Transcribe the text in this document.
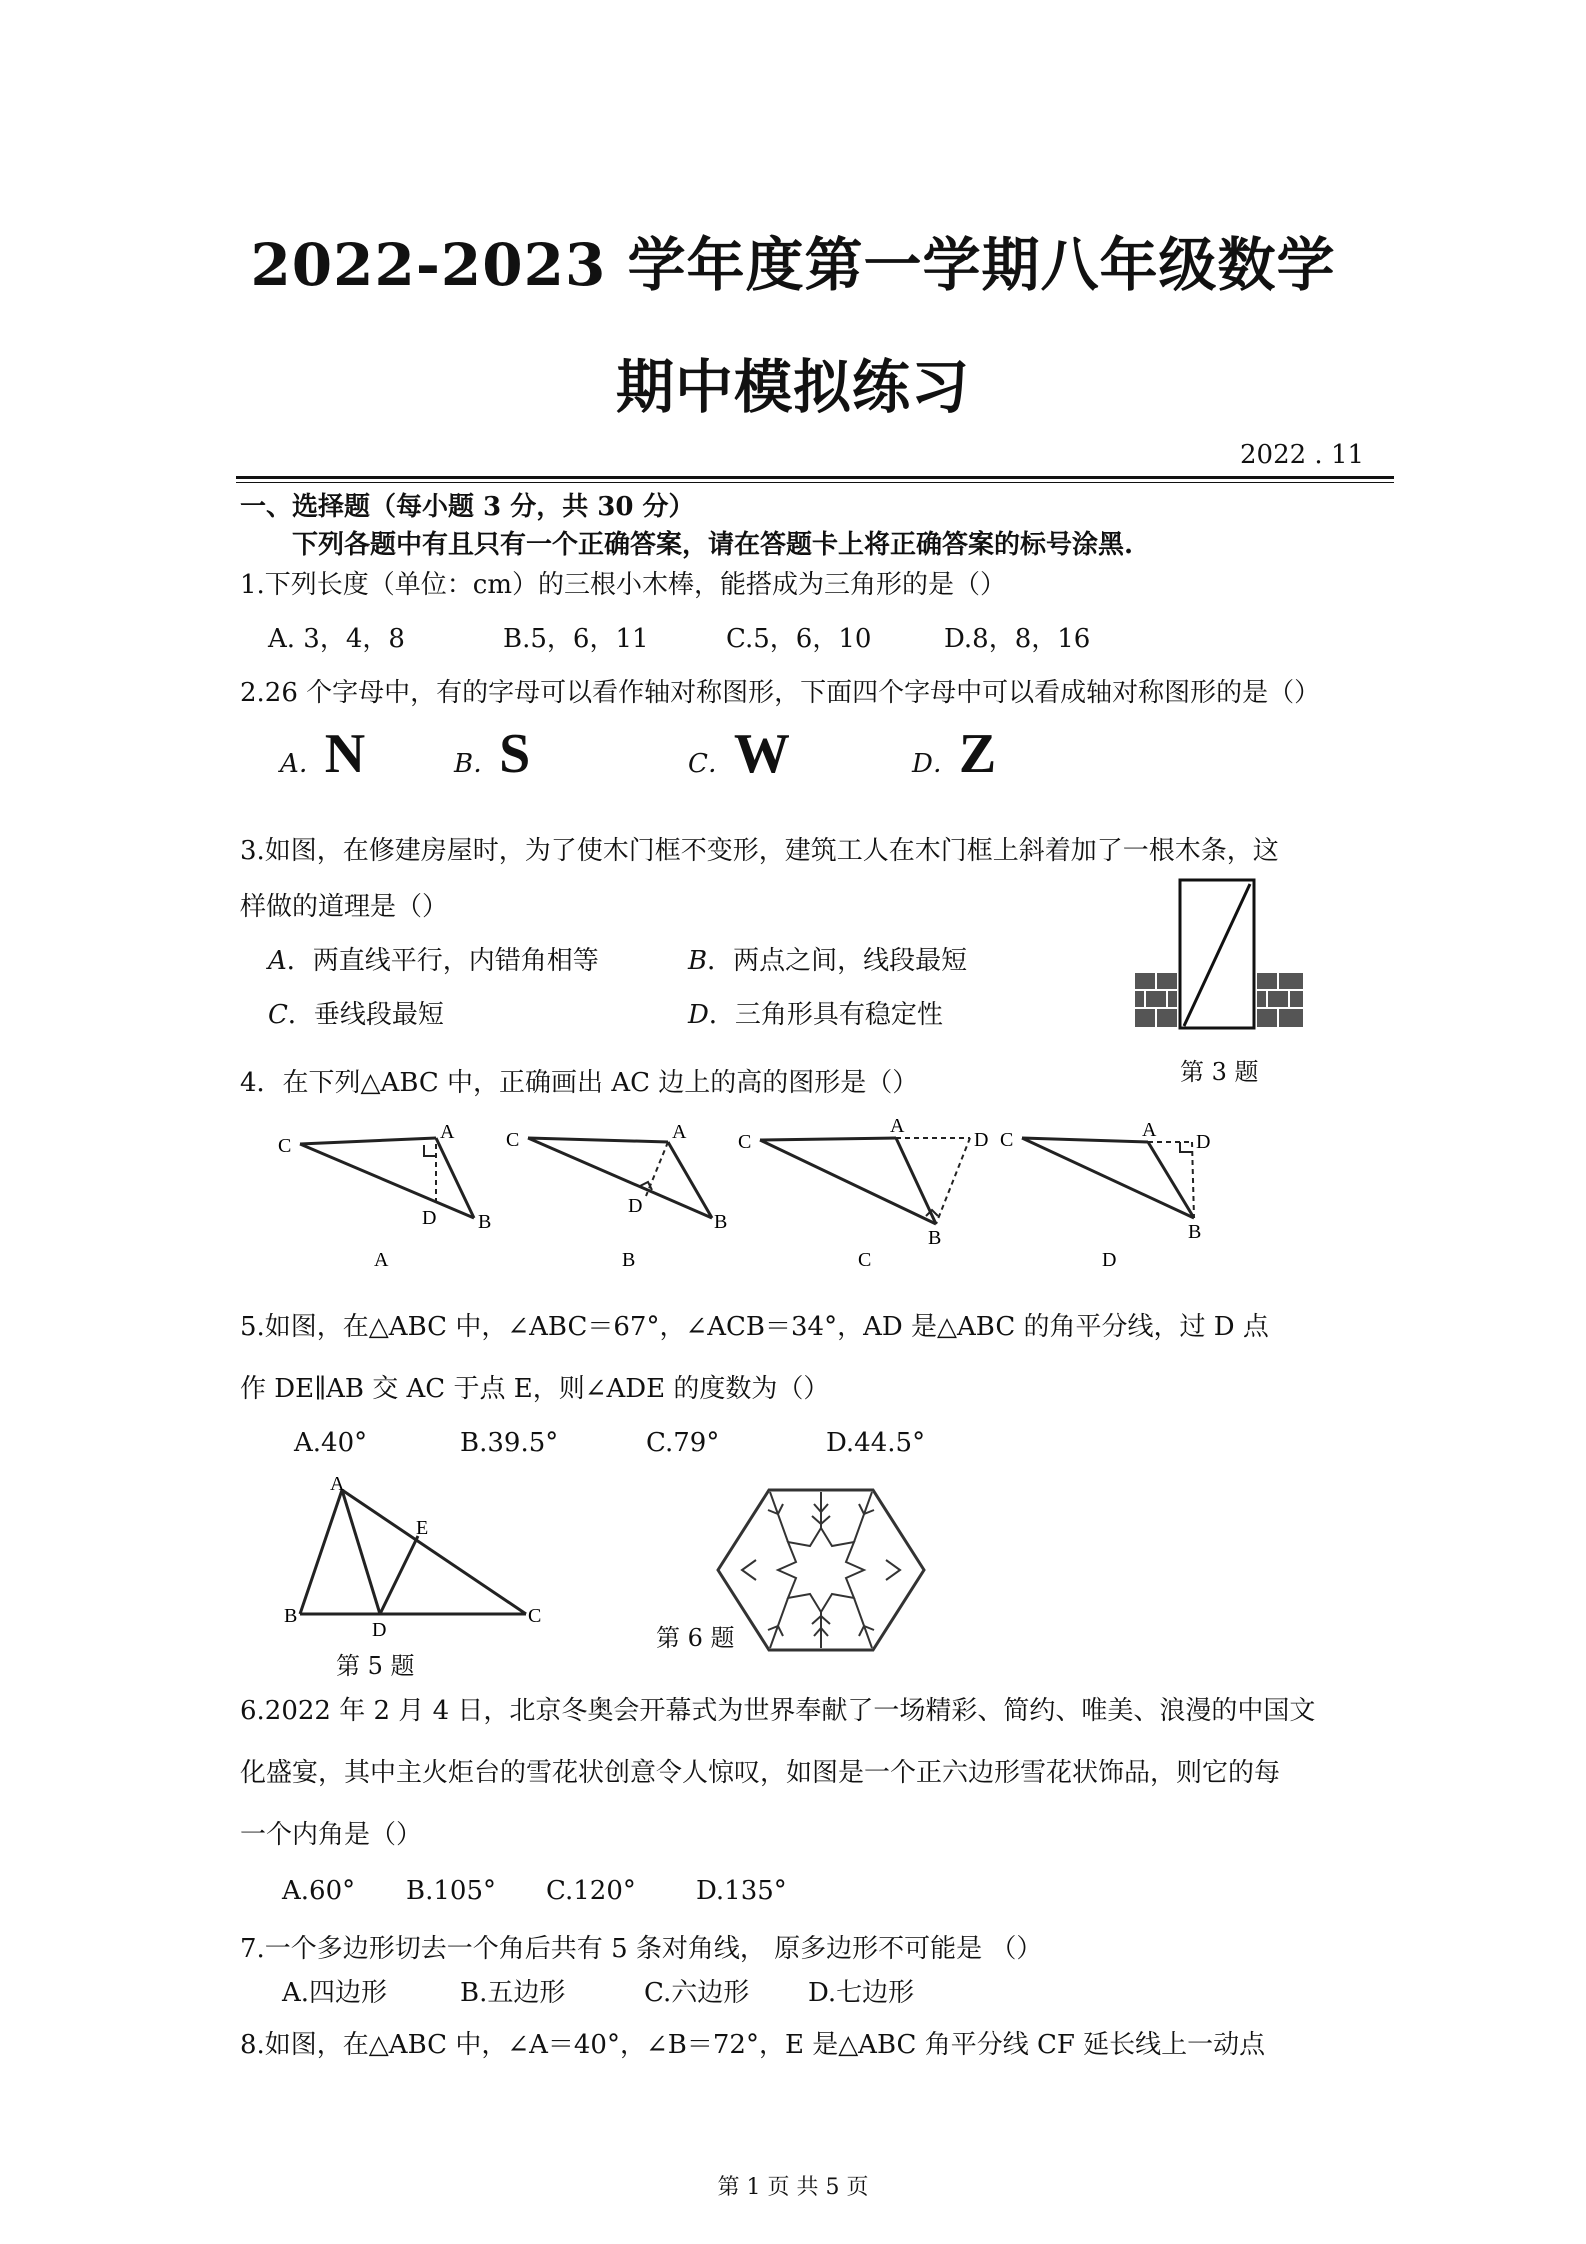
2022-2023 学年度第一学期八年级数学
期中模拟练习
2022 . 11
一、选择题（每小题 3 分，共 30 分）
下列各题中有且只有一个正确答案，请在答题卡上将正确答案的标号涂黑.
1.下列长度（单位：cm）的三根小木棒，能搭成为三角形的是（）
A. 3，4，8	B.5，6，11	C.5，6，10	D.8，8，16
2.26 个字母中，有的字母可以看作轴对称图形，下面四个字母中可以看成轴对称图形的是（）
A．N	B．S	C．W	D．Z
3.如图，在修建房屋时，为了使木门框不变形，建筑工人在木门框上斜着加了一根木条，这
样做的道理是（）
A．两直线平行，内错角相等	B．两点之间，线段最短
C．垂线段最短	D．三角形具有稳定性
第 3 题
4．在下列△ABC 中，正确画出 AC 边上的高的图形是（）
C
A
D B
A
C	A
D
B
B
C
A
D
B
C
C	A
D
B
D
5.如图，在△ABC 中，∠ABC＝67°，∠ACB＝34°，AD 是△ABC 的角平分线，过 D 点
作 DE∥AB 交 AC 于点 E，则∠ADE 的度数为（）
A.40°	B.39.5°	C.79°	D.44.5°
A
B
D
E
C
第 5 题
第 6 题
6.2022 年 2 月 4 日，北京冬奥会开幕式为世界奉献了一场精彩、简约、唯美、浪漫的中国文
化盛宴，其中主火炬台的雪花状创意令人惊叹，如图是一个正六边形雪花状饰品，则它的每
一个内角是（）
A.60° B.105° C.120° D.135°
7.一个多边形切去一个角后共有 5 条对角线， 原多边形不可能是 （）
A.四边形	B.五边形	C.六边形 D.七边形
8.如图，在△ABC 中，∠A＝40°，∠B＝72°，E 是△ABC 角平分线 CF 延长线上一动点
第 1 页 共 5 页
